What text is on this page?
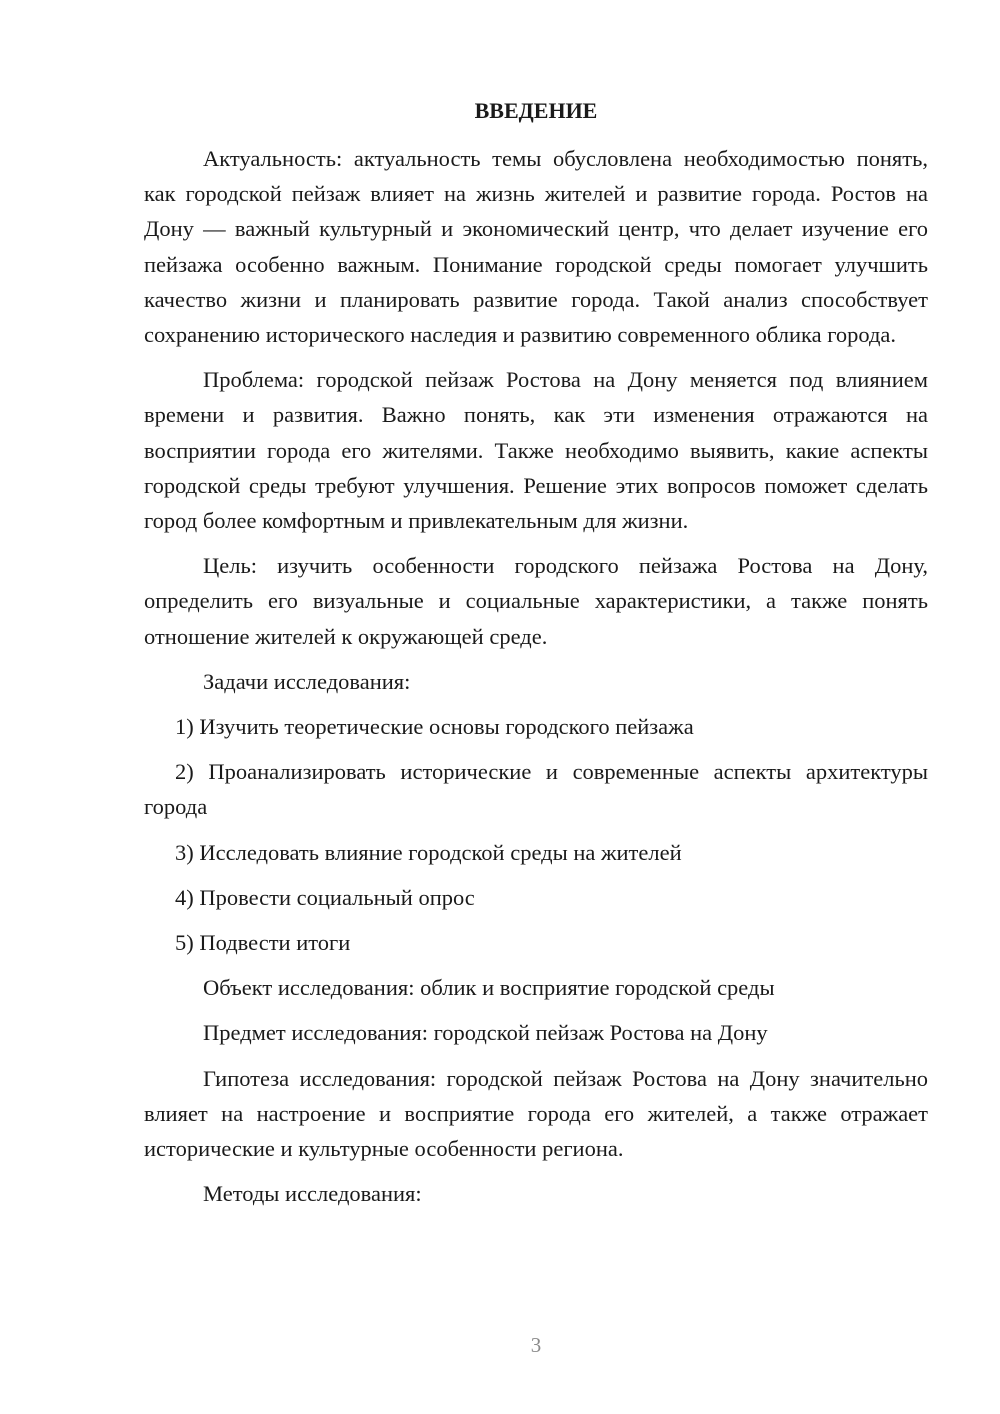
ВВЕДЕНИЕ
Актуальность: актуальность темы обусловлена необходимостью понять, как городской пейзаж влияет на жизнь жителей и развитие города. Ростов на Дону — важный культурный и экономический центр, что делает изучение его пейзажа особенно важным. Понимание городской среды помогает улучшить качество жизни и планировать развитие города. Такой анализ способствует сохранению исторического наследия и развитию современного облика города.
Проблема: городской пейзаж Ростова на Дону меняется под влиянием времени и развития. Важно понять, как эти изменения отражаются на восприятии города его жителями. Также необходимо выявить, какие аспекты городской среды требуют улучшения. Решение этих вопросов поможет сделать город более комфортным и привлекательным для жизни.
Цель: изучить особенности городского пейзажа Ростова на Дону, определить его визуальные и социальные характеристики, а также понять отношение жителей к окружающей среде.
Задачи исследования:
1) Изучить теоретические основы городского пейзажа
2) Проанализировать исторические и современные аспекты архитектуры города
3) Исследовать влияние городской среды на жителей
4) Провести социальный опрос
5) Подвести итоги
Объект исследования: облик и восприятие городской среды
Предмет исследования: городской пейзаж Ростова на Дону
Гипотеза исследования: городской пейзаж Ростова на Дону значительно влияет на настроение и восприятие города его жителей, а также отражает исторические и культурные особенности региона.
Методы исследования:
3
